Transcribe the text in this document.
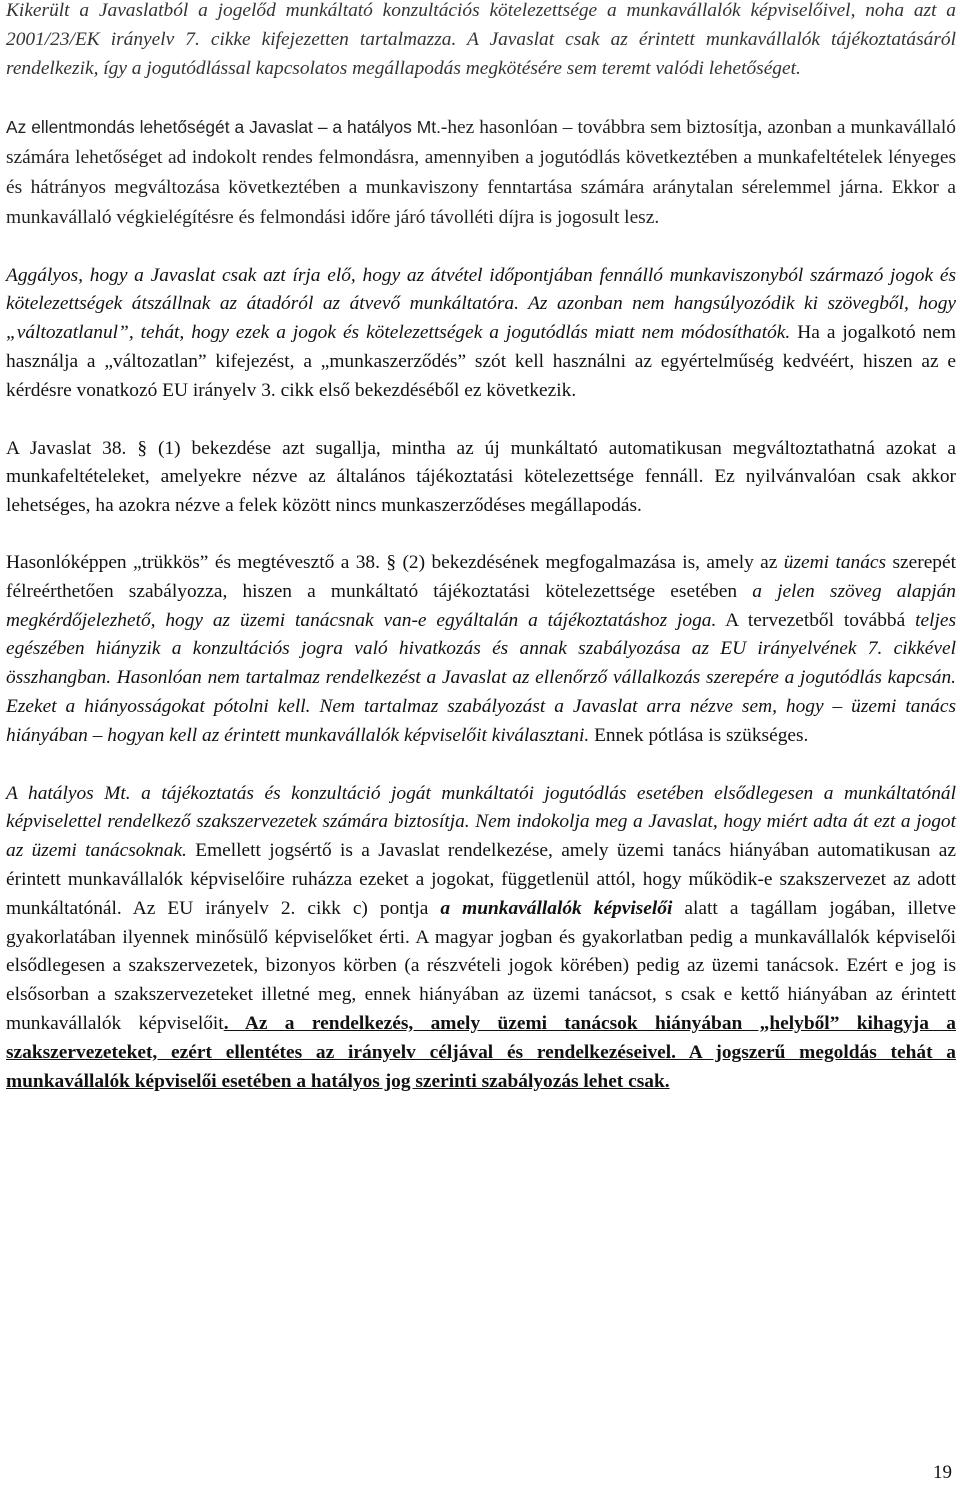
Kikerült a Javaslatból a jogelőd munkáltató konzultációs kötelezettsége a munkavállalók képviselőivel, noha azt a 2001/23/EK irányelv 7. cikke kifejezetten tartalmazza. A Javaslat csak az érintett munkavállalók tájékoztatásáról rendelkezik, így a jogutódlással kapcsolatos megállapodás megkötésére sem teremt valódi lehetőséget.

Az ellentmondás lehetőségét a Javaslat – a hatályos Mt.-hez hasonlóan – továbbra sem biztosítja, azonban a munkavállaló számára lehetőséget ad indokolt rendes felmondásra, amennyiben a jogutódlás következtében a munkafeltételek lényeges és hátrányos megváltozása következtében a munkaviszony fenntartása számára aránytalan sérelemmel járna. Ekkor a munkavállaló végkielégítésre és felmondási időre járó távolléti díjra is jogosult lesz.

Aggályos, hogy a Javaslat csak azt írja elő, hogy az átvétel időpontjában fennálló munkaviszonyból származó jogok és kötelezettségek átszállnak az átadóról az átvevő munkáltatóra. Az azonban nem hangsúlyozódik ki szövegből, hogy „változatlanul”, tehát, hogy ezek a jogok és kötelezettségek a jogutódlás miatt nem módosíthatók. Ha a jogalkotó nem használja a „változatlan” kifejezést, a „munkaszerződés” szót kell használni az egyértelműség kedvéért, hiszen az e kérdésre vonatkozó EU irányelv 3. cikk első bekezdéséből ez következik.

A Javaslat 38. § (1) bekezdése azt sugallja, mintha az új munkáltató automatikusan megváltoztathatná azokat a munkafeltételeket, amelyekre nézve az általános tájékoztatási kötelezettsége fennáll. Ez nyilvánvalóan csak akkor lehetséges, ha azokra nézve a felek között nincs munkaszerződéses megállapodás.

Hasonlóképpen „trükkös” és megtévesztő a 38. § (2) bekezdésének megfogalmazása is, amely az üzemi tanács szerepét félreérthetően szabályozza, hiszen a munkáltató tájékoztatási kötelezettsége esetében a jelen szöveg alapján megkérdőjelezhető, hogy az üzemi tanácsnak van-e egyáltalán a tájékoztatáshoz joga. A tervezetből továbbá teljes egészében hiányzik a konzultációs jogra való hivatkozás és annak szabályozása az EU irányelvének 7. cikkével összhangban. Hasonlóan nem tartalmaz rendelkezést a Javaslat az ellenőrző vállalkozás szerepére a jogutódlás kapcsán. Ezeket a hiányosságokat pótolni kell. Nem tartalmaz szabályozást a Javaslat arra nézve sem, hogy – üzemi tanács hiányában – hogyan kell az érintett munkavállalók képviselőit kiválasztani. Ennek pótlása is szükséges.

A hatályos Mt. a tájékoztatás és konzultáció jogát munkáltatói jogutódlás esetében elsődlegesen a munkáltatónál képviselettel rendelkező szakszervezetek számára biztosítja. Nem indokolja meg a Javaslat, hogy miért adta át ezt a jogot az üzemi tanácsoknak. Emellett jogsértő is a Javaslat rendelkezése, amely üzemi tanács hiányában automatikusan az érintett munkavállalók képviselőire ruházza ezeket a jogokat, függetlenül attól, hogy működik-e szakszervezet az adott munkáltatónál. Az EU irányelv 2. cikk c) pontja a munkavállalók képviselői alatt a tagállam jogában, illetve gyakorlatában ilyennek minősülő képviselőket érti. A magyar jogban és gyakorlatban pedig a munkavállalók képviselői elsődlegesen a szakszervezetek, bizonyos körben (a részvételi jogok körében) pedig az üzemi tanácsok. Ezért e jog is elsősorban a szakszervezeteket illetné meg, ennek hiányában az üzemi tanácsot, s csak e kettő hiányában az érintett munkavállalók képviselőit. Az a rendelkezés, amely üzemi tanácsok hiányában „helyből” kihagyja a szakszervezeteket, ezért ellentétes az irányelv céljával és rendelkezéseivel. A jogszerű megoldás tehát a munkavállalók képviselői esetében a hatályos jog szerinti szabályozás lehet csak.

19
